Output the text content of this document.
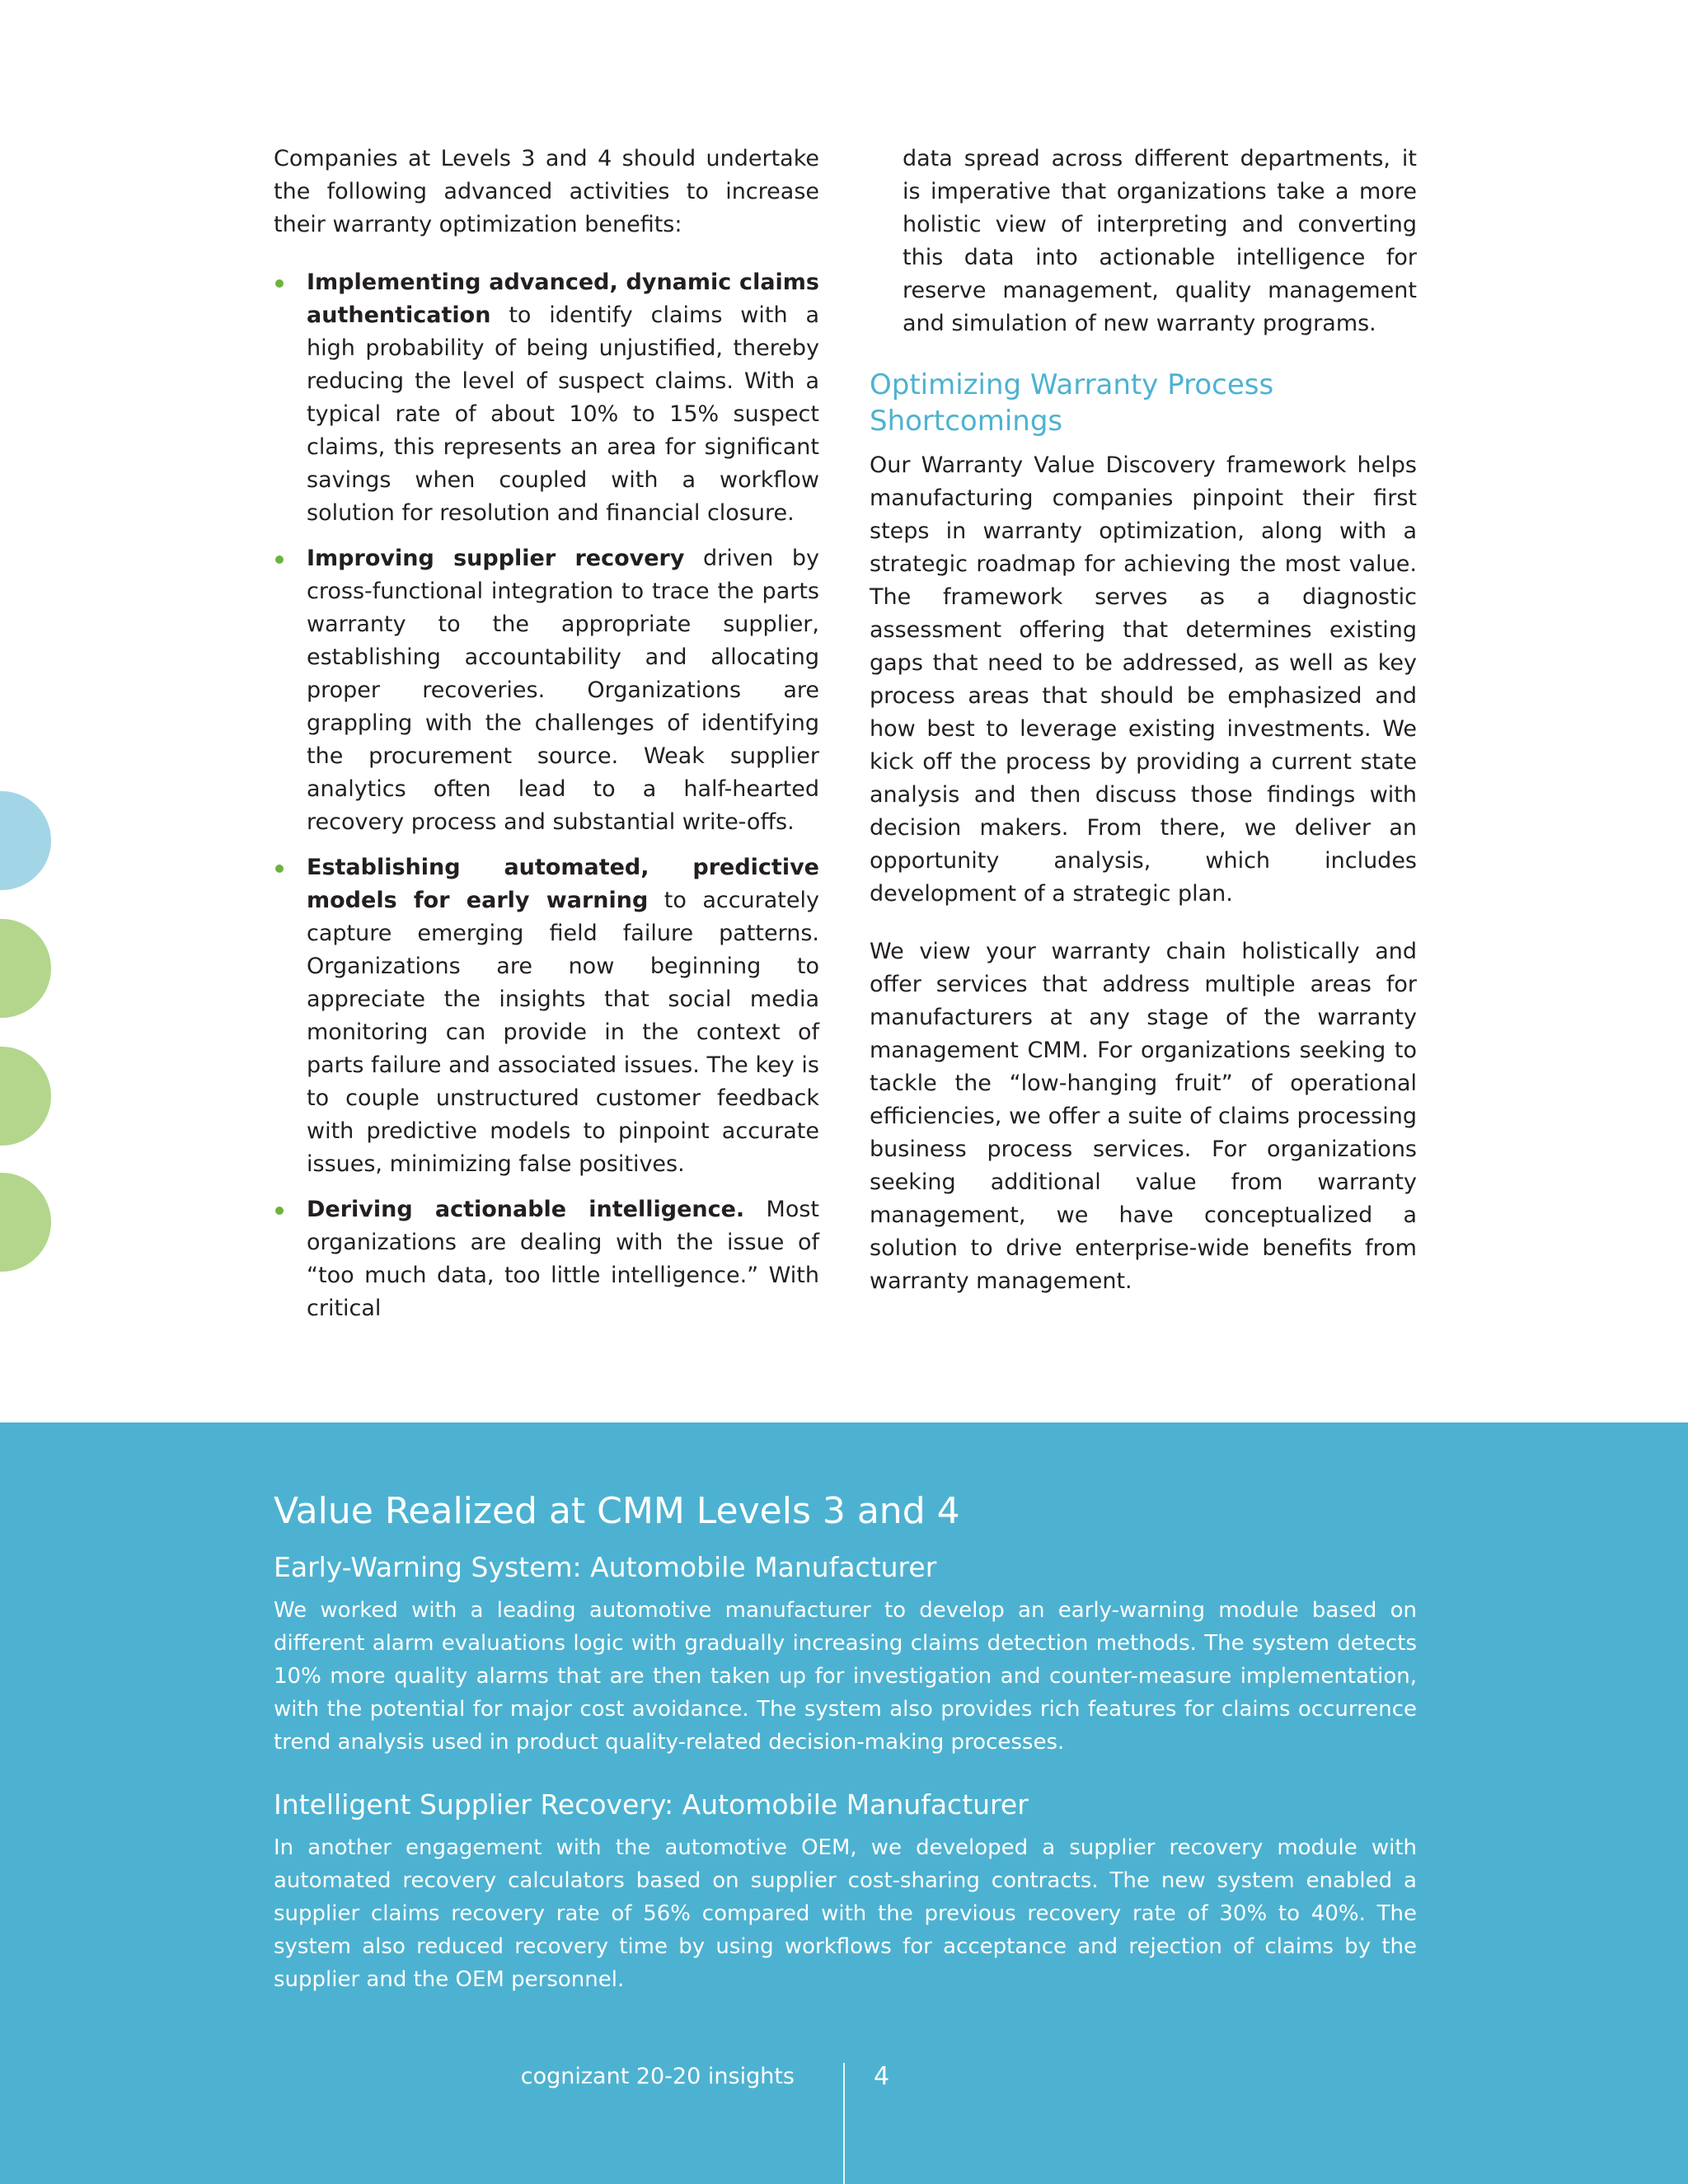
Companies at Levels 3 and 4 should undertake the following advanced activities to increase their warranty optimization benefits:

Implementing advanced, dynamic claims authentication to identify claims with a high probability of being unjustified, thereby reducing the level of suspect claims. With a typical rate of about 10% to 15% suspect claims, this represents an area for significant savings when coupled with a workflow solution for resolution and financial closure.
Improving supplier recovery driven by cross-functional integration to trace the parts warranty to the appropriate supplier, establishing accountability and allocating proper recoveries. Organizations are grappling with the challenges of identifying the procurement source. Weak supplier analytics often lead to a half-hearted recovery process and substantial write-offs.
Establishing automated, predictive models for early warning to accurately capture emerging field failure patterns. Organizations are now beginning to appreciate the insights that social media monitoring can provide in the context of parts failure and associated issues. The key is to couple unstructured customer feedback with predictive models to pinpoint accurate issues, minimizing false positives.
Deriving actionable intelligence. Most organizations are dealing with the issue of “too much data, too little intelligence.” With critical

data spread across different departments, it is imperative that organizations take a more holistic view of interpreting and converting this data into actionable intelligence for reserve management, quality management and simulation of new warranty programs.

Optimizing Warranty Process Shortcomings

Our Warranty Value Discovery framework helps manufacturing companies pinpoint their first steps in warranty optimization, along with a strategic roadmap for achieving the most value. The framework serves as a diagnostic assessment offering that determines existing gaps that need to be addressed, as well as key process areas that should be emphasized and how best to leverage existing investments. We kick off the process by providing a current state analysis and then discuss those findings with decision makers. From there, we deliver an opportunity analysis, which includes development of a strategic plan.

We view your warranty chain holistically and offer services that address multiple areas for manufacturers at any stage of the warranty management CMM. For organizations seeking to tackle the “low-hanging fruit” of operational efficiencies, we offer a suite of claims processing business process services. For organizations seeking additional value from warranty management, we have conceptualized a solution to drive enterprise-wide benefits from warranty management.

Value Realized at CMM Levels 3 and 4
Early-Warning System: Automobile Manufacturer

We worked with a leading automotive manufacturer to develop an early-warning module based on different alarm evaluations logic with gradually increasing claims detection methods. The system detects 10% more quality alarms that are then taken up for investigation and counter-measure implementation, with the potential for major cost avoidance. The system also provides rich features for claims occurrence trend analysis used in product quality-related decision-making processes.

Intelligent Supplier Recovery: Automobile Manufacturer

In another engagement with the automotive OEM, we developed a supplier recovery module with automated recovery calculators based on supplier cost-sharing contracts. The new system enabled a supplier claims recovery rate of 56% compared with the previous recovery rate of 30% to 40%. The system also reduced recovery time by using workflows for acceptance and rejection of claims by the supplier and the OEM personnel.

cognizant 20-20 insights	4
